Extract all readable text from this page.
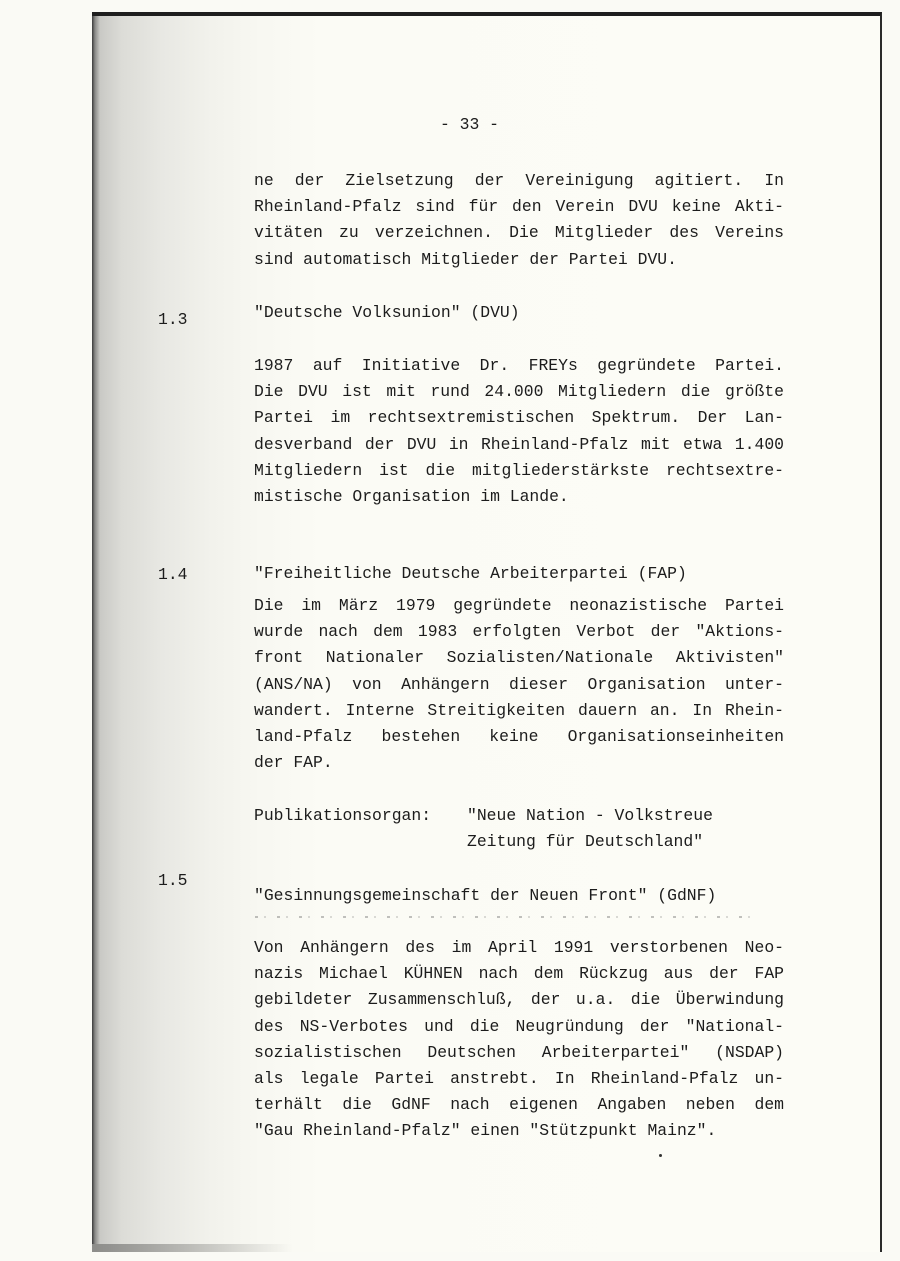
- 33 -
ne der Zielsetzung der Vereinigung agitiert. In
Rheinland-Pfalz sind für den Verein DVU keine Akti-
vitäten zu verzeichnen. Die Mitglieder des Vereins
sind automatisch Mitglieder der Partei DVU.
1.3	"Deutsche Volksunion" (DVU)
1987 auf Initiative Dr. FREYs gegründete Partei.
Die DVU ist mit rund 24.000 Mitgliedern die größte
Partei im rechtsextremistischen Spektrum. Der Lan-
desverband der DVU in Rheinland-Pfalz mit etwa 1.400
Mitgliedern ist die mitgliederstärkste rechtsextre-
mistische Organisation im Lande.
1.4	"Freiheitliche Deutsche Arbeiterpartei (FAP)
Die im März 1979 gegründete neonazistische Partei
wurde nach dem 1983 erfolgten Verbot der "Aktions-
front Nationaler Sozialisten/Nationale Aktivisten"
(ANS/NA) von Anhängern dieser Organisation unter-
wandert. Interne Streitigkeiten dauern an. In Rhein-
land-Pfalz bestehen keine Organisationseinheiten
der FAP.
Publikationsorgan: "Neue Nation - Volkstreue
Zeitung für Deutschland"
1.5
"Gesinnungsgemeinschaft der Neuen Front" (GdNF)
Von Anhängern des im April 1991 verstorbenen Neo-
nazis Michael KÜHNEN nach dem Rückzug aus der FAP
gebildeter Zusammenschluß, der u.a. die Überwindung
des NS-Verbotes und die Neugründung der "National-
sozialistischen Deutschen Arbeiterpartei" (NSDAP)
als legale Partei anstrebt. In Rheinland-Pfalz un-
terhält die GdNF nach eigenen Angaben neben dem
"Gau Rheinland-Pfalz" einen "Stützpunkt Mainz".
